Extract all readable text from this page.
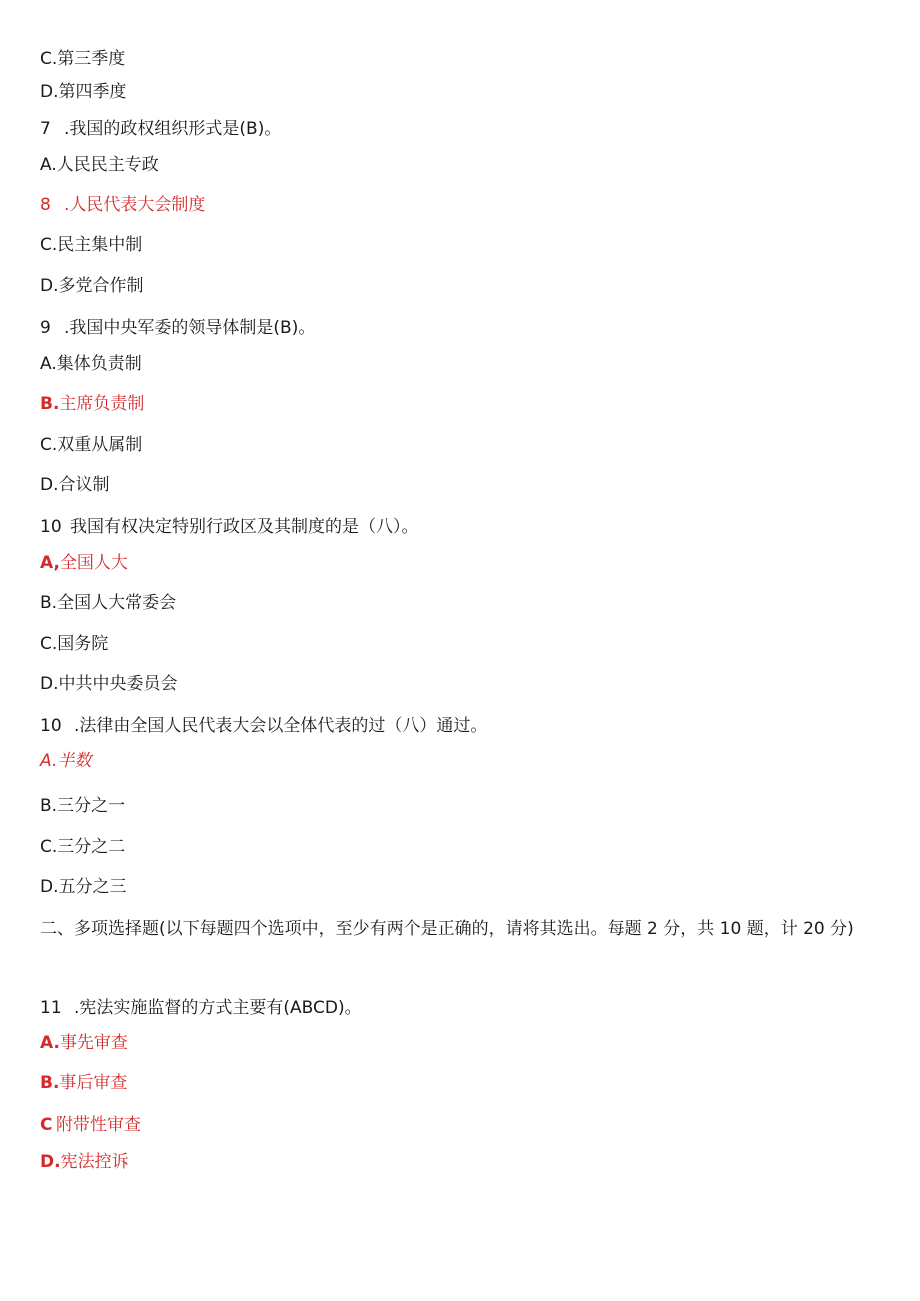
C.第三季度
D.第四季度
7 .我国的政权组织形式是(B)。
A.人民民主专政
8 .人民代表大会制度
C.民主集中制
D.多党合作制
9 .我国中央军委的领导体制是(B)。
A.集体负责制
B.主席负责制
C.双重从属制
D.合议制
10 我国有权决定特别行政区及其制度的是（八）。
A,全国人大
B.全国人大常委会
C.国务院
D.中共中央委员会
10 .法律由全国人民代表大会以全体代表的过（八）通过。
A.半数
B.三分之一
C.三分之二
D.五分之三
二、多项选择题(以下每题四个选项中，至少有两个是正确的，请将其选出。每题 2 分，共 10 题，计 20 分)
11 .宪法实施监督的方式主要有(ABCD)。
A.事先审查
B.事后审查
C 附带性审查
D.宪法控诉
